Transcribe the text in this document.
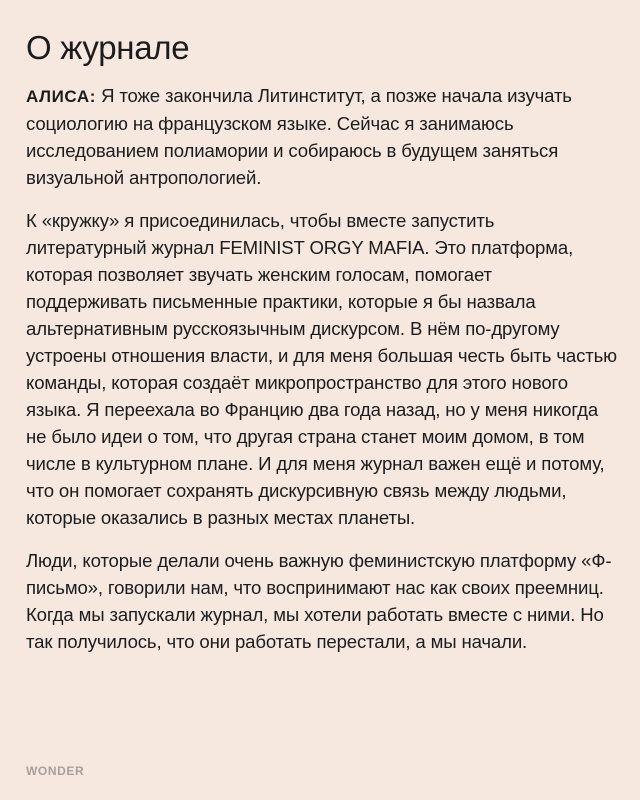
О журнале

АЛИСА: Я тоже закончила Литинститут, а позже начала изучать социологию на французском языке. Сейчас я занимаюсь исследованием полиамории и собираюсь в будущем заняться визуальной антропологией.

К «кружку» я присоединилась, чтобы вместе запустить литературный журнал FEMINIST ORGY MAFIA. Это платформа, которая позволяет звучать женским голосам, помогает поддерживать письменные практики, которые я бы назвала альтернативным русскоязычным дискурсом. В нём по-другому устроены отношения власти, и для меня большая честь быть частью команды, которая создаёт микропространство для этого нового языка. Я переехала во Францию два года назад, но у меня никогда не было идеи о том, что другая страна станет моим домом, в том числе в культурном плане. И для меня журнал важен ещё и потому, что он помогает сохранять дискурсивную связь между людьми, которые оказались в разных местах планеты.

Люди, которые делали очень важную феминистскую платформу «Ф-письмо», говорили нам, что воспринимают нас как своих преемниц. Когда мы запускали журнал, мы хотели работать вместе с ними. Но так получилось, что они работать перестали, а мы начали.

WONDER
